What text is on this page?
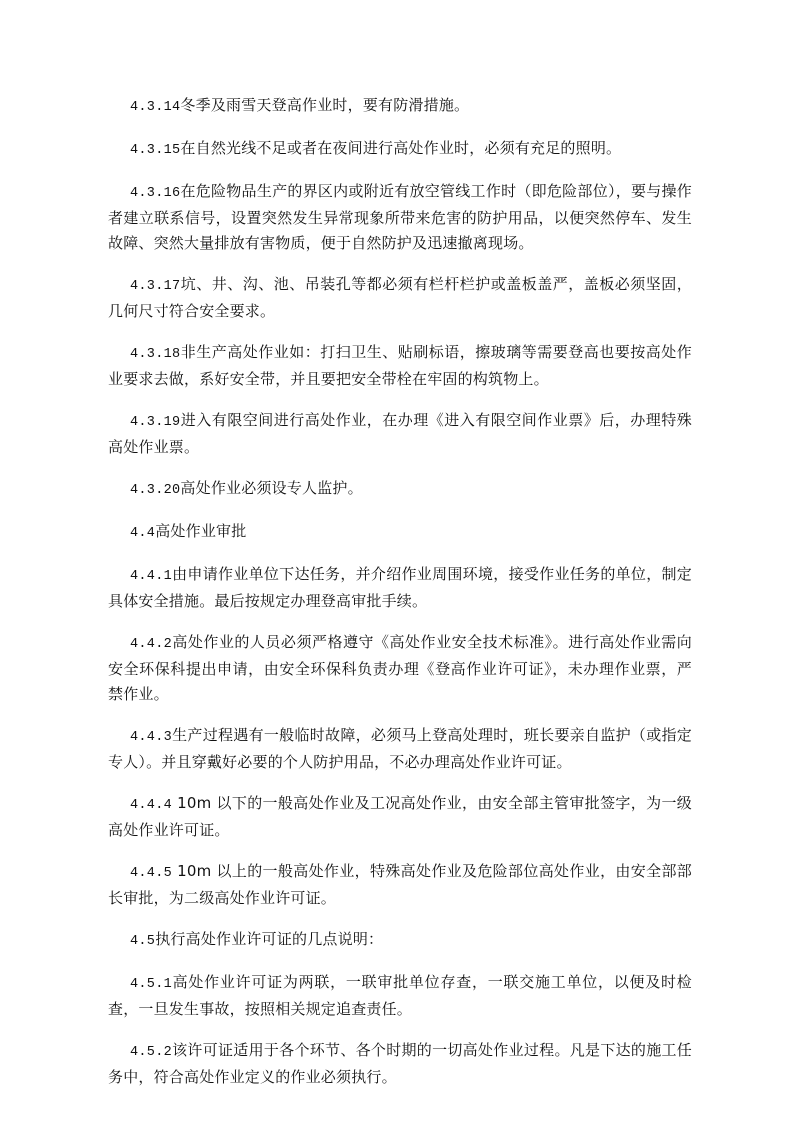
4.3.14冬季及雨雪天登高作业时，要有防滑措施。

4.3.15在自然光线不足或者在夜间进行高处作业时，必须有充足的照明。

4.3.16在危险物品生产的界区内或附近有放空管线工作时（即危险部位），要与操作者建立联系信号，设置突然发生异常现象所带来危害的防护用品，以便突然停车、发生故障、突然大量排放有害物质，便于自然防护及迅速撤离现场。

4.3.17坑、井、沟、池、吊装孔等都必须有栏杆栏护或盖板盖严，盖板必须坚固，几何尺寸符合安全要求。

4.3.18非生产高处作业如：打扫卫生、贴刷标语，擦玻璃等需要登高也要按高处作业要求去做，系好安全带，并且要把安全带栓在牢固的构筑物上。

4.3.19进入有限空间进行高处作业，在办理《进入有限空间作业票》后，办理特殊高处作业票。

4.3.20高处作业必须设专人监护。

4.4高处作业审批

4.4.1由申请作业单位下达任务，并介绍作业周围环境，接受作业任务的单位，制定具体安全措施。最后按规定办理登高审批手续。

4.4.2高处作业的人员必须严格遵守《高处作业安全技术标准》。进行高处作业需向安全环保科提出申请，由安全环保科负责办理《登高作业许可证》，未办理作业票，严禁作业。

4.4.3生产过程遇有一般临时故障，必须马上登高处理时，班长要亲自监护（或指定专人）。并且穿戴好必要的个人防护用品，不必办理高处作业许可证。

4.4.4 10m 以下的一般高处作业及工况高处作业，由安全部主管审批签字，为一级高处作业许可证。

4.4.5 10m 以上的一般高处作业，特殊高处作业及危险部位高处作业，由安全部部长审批，为二级高处作业许可证。

4.5执行高处作业许可证的几点说明：

4.5.1高处作业许可证为两联，一联审批单位存查，一联交施工单位，以便及时检查，一旦发生事故，按照相关规定追查责任。

4.5.2该许可证适用于各个环节、各个时期的一切高处作业过程。凡是下达的施工任务中，符合高处作业定义的作业必须执行。
